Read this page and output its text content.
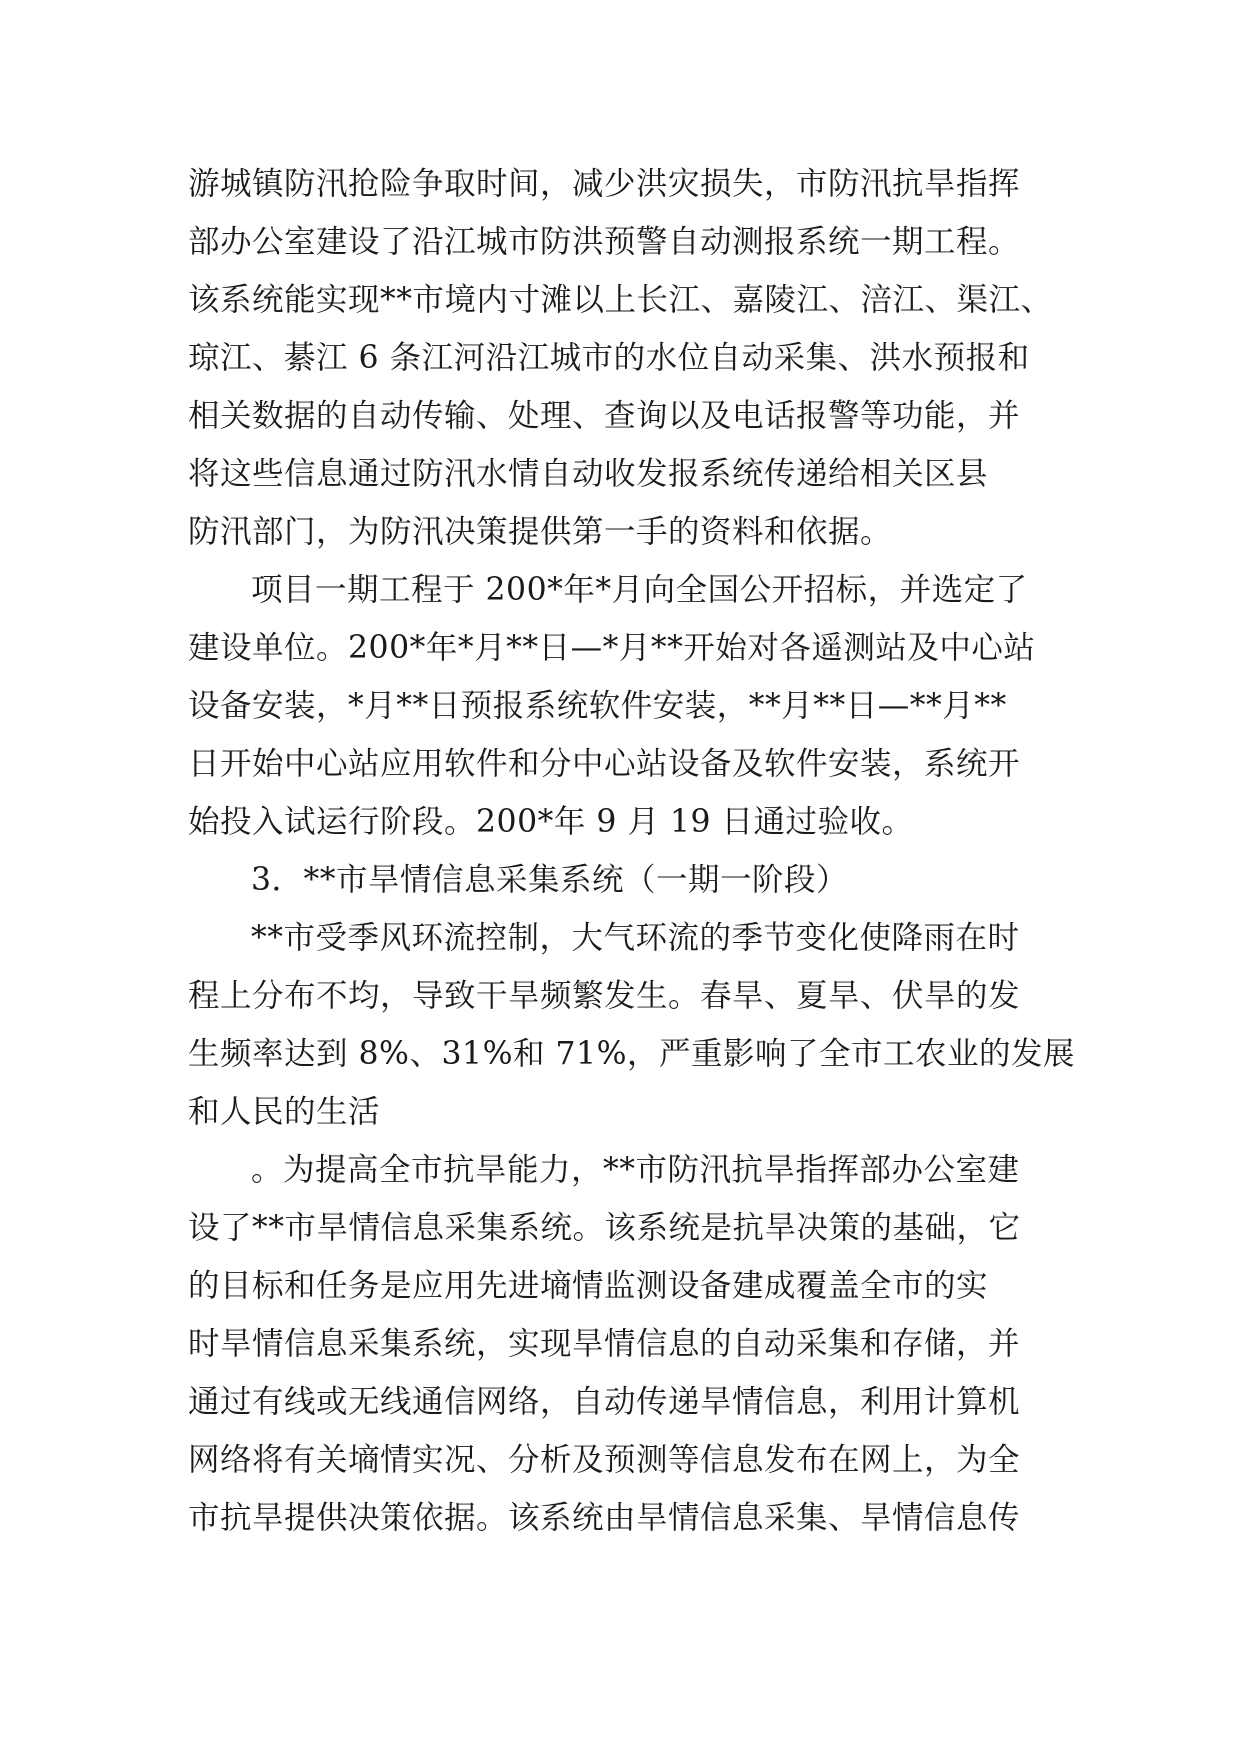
游城镇防汛抢险争取时间，减少洪灾损失，市防汛抗旱指挥
部办公室建设了沿江城市防洪预警自动测报系统一期工程。
该系统能实现**市境内寸滩以上长江、嘉陵江、涪江、渠江、
琼江、綦江 6 条江河沿江城市的水位自动采集、洪水预报和
相关数据的自动传输、处理、查询以及电话报警等功能，并
将这些信息通过防汛水情自动收发报系统传递给相关区县
防汛部门，为防汛决策提供第一手的资料和依据。
项目一期工程于 200*年*月向全国公开招标，并选定了
建设单位。200*年*月**日—*月**开始对各遥测站及中心站
设备安装，*月**日预报系统软件安装，**月**日—**月**
日开始中心站应用软件和分中心站设备及软件安装，系统开
始投入试运行阶段。200*年 9 月 19 日通过验收。
3．**市旱情信息采集系统（一期一阶段）
**市受季风环流控制，大气环流的季节变化使降雨在时
程上分布不均，导致干旱频繁发生。春旱、夏旱、伏旱的发
生频率达到 8%、31%和 71%，严重影响了全市工农业的发展
和人民的生活
。为提高全市抗旱能力，**市防汛抗旱指挥部办公室建
设了**市旱情信息采集系统。该系统是抗旱决策的基础，它
的目标和任务是应用先进墒情监测设备建成覆盖全市的实
时旱情信息采集系统，实现旱情信息的自动采集和存储，并
通过有线或无线通信网络，自动传递旱情信息，利用计算机
网络将有关墒情实况、分析及预测等信息发布在网上，为全
市抗旱提供决策依据。该系统由旱情信息采集、旱情信息传
